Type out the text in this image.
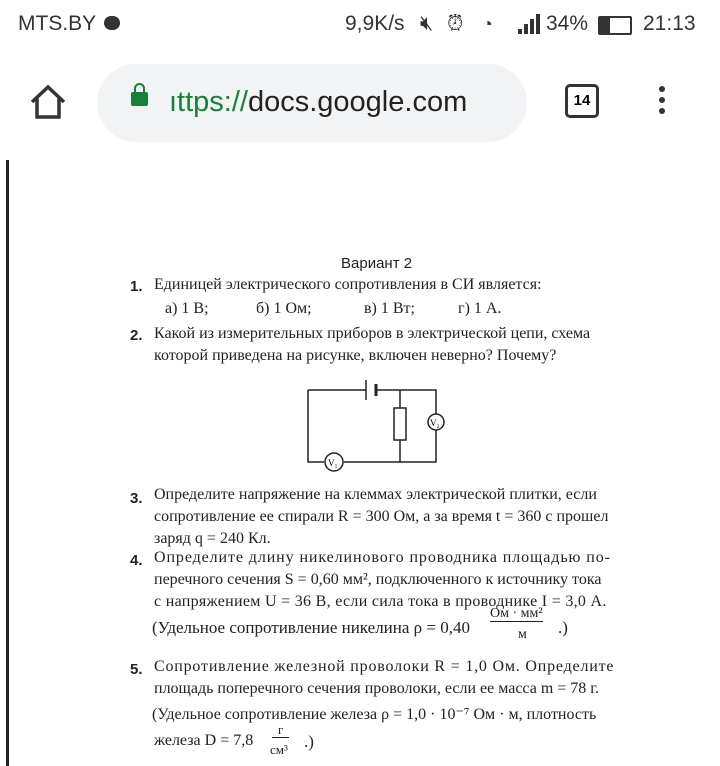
MTS.BY	9,9K/s 🔇︎ ⏰︎ ◔	34%	21:13
ıttps://docs.google.com	14
Вариант 2
1. Единицей электрического сопротивления в СИ является:
а) 1 В;	б) 1 Ом;	в) 1 Вт;	г) 1 А.
2. Какой из измерительных приборов в электрической цепи, схема
которой приведена на рисунке, включен неверно? Почему?
V₂
V₁
3. Определите напряжение на клеммах электрической плитки, если
сопротивление ее спирали R = 300 Ом, а за время t = 360 с прошел
заряд q = 240 Кл.
4. Определите длину никелинового проводника площадью по-
перечного сечения S = 0,60 мм², подключенного к источнику тока
с напряжением U = 36 В, если сила тока в проводнике I = 3,0 А.
(Удельное сопротивление никелина ρ = 0,40
Ом · мм²
м .)
5. Сопротивление железной проволоки R = 1,0 Ом. Определите
площадь поперечного сечения проволоки, если ее масса m = 78 г.
(Удельное сопротивление железа ρ = 1,0 · 10⁻⁷ Ом · м, плотность
железа D = 7,8
г
см³ .)
